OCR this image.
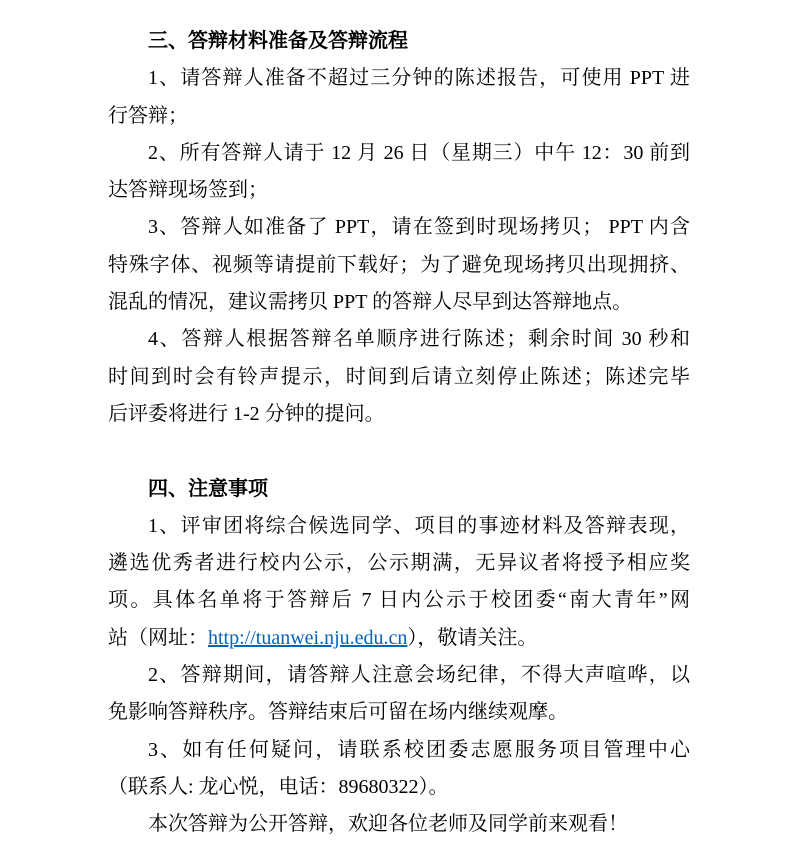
三、答辩材料准备及答辩流程
1、请答辩人准备不超过三分钟的陈述报告，可使用 PPT 进
行答辩；
2、所有答辩人请于 12 月 26 日（星期三）中午 12：30 前到
达答辩现场签到；
3、答辩人如准备了 PPT，请在签到时现场拷贝； PPT 内含
特殊字体、视频等请提前下载好；为了避免现场拷贝出现拥挤、
混乱的情况，建议需拷贝 PPT 的答辩人尽早到达答辩地点。
4、答辩人根据答辩名单顺序进行陈述；剩余时间 30 秒和
时间到时会有铃声提示，时间到后请立刻停止陈述；陈述完毕
后评委将进行 1-2 分钟的提问。
四、注意事项
1、评审团将综合候选同学、项目的事迹材料及答辩表现，
遴选优秀者进行校内公示，公示期满，无异议者将授予相应奖
项。具体名单将于答辩后 7 日内公示于校团委“南大青年”网
站（网址：http://tuanwei.nju.edu.cn），敬请关注。
2、答辩期间，请答辩人注意会场纪律，不得大声喧哗，以
免影响答辩秩序。答辩结束后可留在场内继续观摩。
3、如有任何疑问，请联系校团委志愿服务项目管理中心
（联系人: 龙心悦，电话：89680322）。
本次答辩为公开答辩，欢迎各位老师及同学前来观看！
